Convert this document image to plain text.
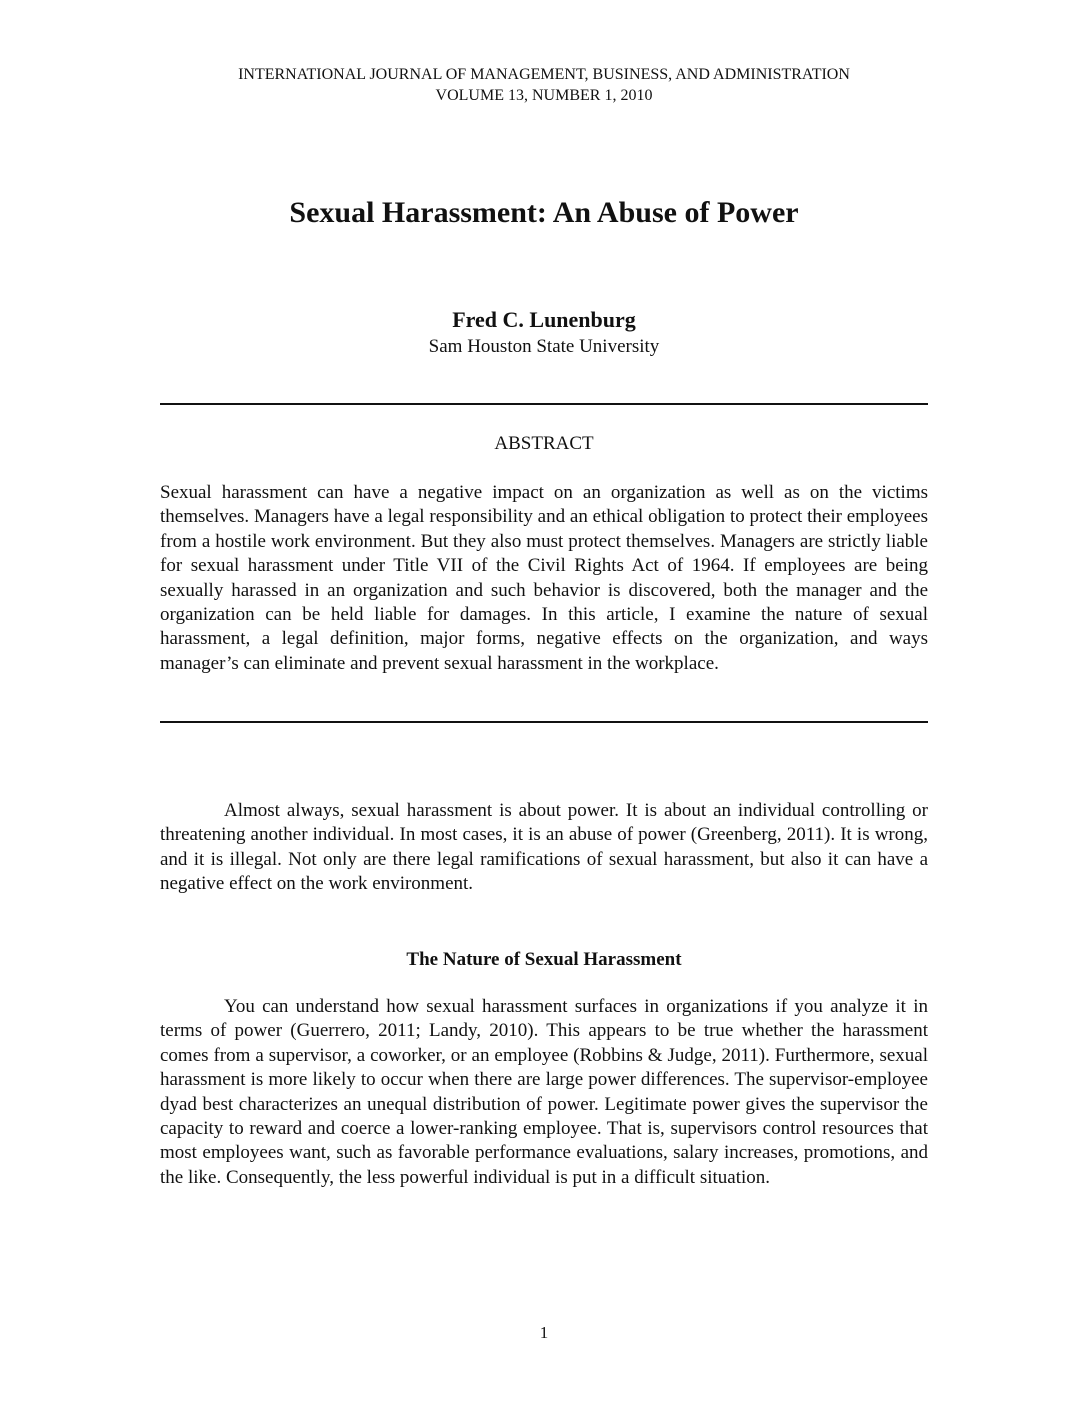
INTERNATIONAL JOURNAL OF MANAGEMENT, BUSINESS, AND ADMINISTRATION
VOLUME 13, NUMBER 1, 2010
Sexual Harassment: An Abuse of Power
Fred C. Lunenburg
Sam Houston State University
ABSTRACT

Sexual harassment can have a negative impact on an organization as well as on the victims themselves. Managers have a legal responsibility and an ethical obligation to protect their employees from a hostile work environment. But they also must protect themselves. Managers are strictly liable for sexual harassment under Title VII of the Civil Rights Act of 1964. If employees are being sexually harassed in an organization and such behavior is discovered, both the manager and the organization can be held liable for damages. In this article, I examine the nature of sexual harassment, a legal definition, major forms, negative effects on the organization, and ways manager’s can eliminate and prevent sexual harassment in the workplace.

Almost always, sexual harassment is about power. It is about an individual controlling or threatening another individual. In most cases, it is an abuse of power (Greenberg, 2011). It is wrong, and it is illegal. Not only are there legal ramifications of sexual harassment, but also it can have a negative effect on the work environment.

The Nature of Sexual Harassment

You can understand how sexual harassment surfaces in organizations if you analyze it in terms of power (Guerrero, 2011; Landy, 2010). This appears to be true whether the harassment comes from a supervisor, a coworker, or an employee (Robbins & Judge, 2011). Furthermore, sexual harassment is more likely to occur when there are large power differences. The supervisor-employee dyad best characterizes an unequal distribution of power. Legitimate power gives the supervisor the capacity to reward and coerce a lower-ranking employee. That is, supervisors control resources that most employees want, such as favorable performance evaluations, salary increases, promotions, and the like. Consequently, the less powerful individual is put in a difficult situation.

1
